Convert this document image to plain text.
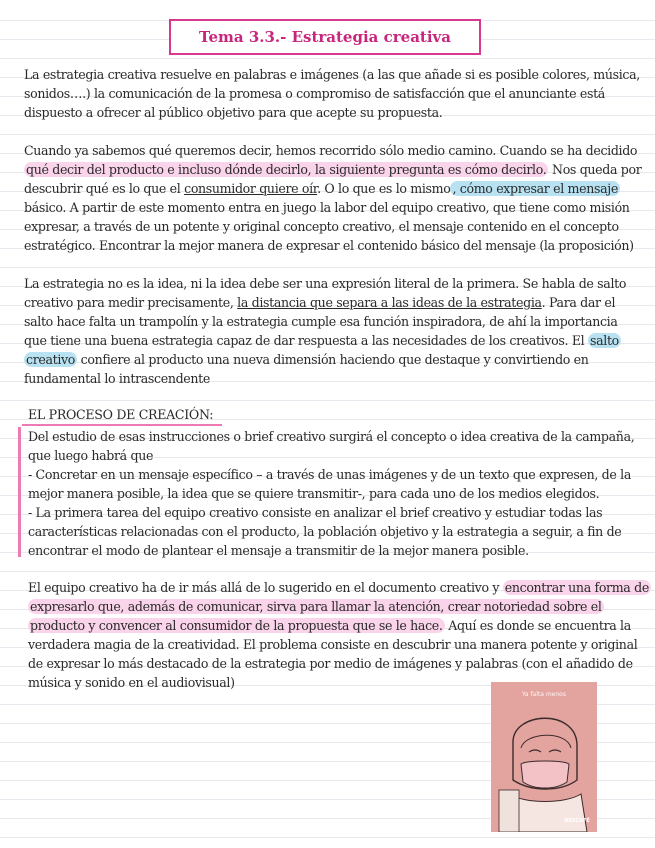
Tema 3.3.- Estrategia creativa
La estrategia creativa resuelve en palabras e imágenes (a las que añade si es posible colores, música,
sonidos….) la comunicación de la promesa o compromiso de satisfacción que el anunciante está
dispuesto a ofrecer al público objetivo para que acepte su propuesta.
Cuando ya sabemos qué queremos decir, hemos recorrido sólo medio camino. Cuando se ha decidido
qué decir del producto e incluso dónde decirlo, la siguiente pregunta es cómo decirlo. Nos queda por
descubrir qué es lo que el consumidor quiere oír. O lo que es lo mismo , cómo expresar el mensaje
básico. A partir de este momento entra en juego la labor del equipo creativo, que tiene como misión
expresar, a través de un potente y original concepto creativo, el mensaje contenido en el concepto
estratégico. Encontrar la mejor manera de expresar el contenido básico del mensaje (la proposición)
La estrategia no es la idea, ni la idea debe ser una expresión literal de la primera. Se habla de salto
creativo para medir precisamente, la distancia que separa a las ideas de la estrategia. Para dar el
salto hace falta un trampolín y la estrategia cumple esa función inspiradora, de ahí la importancia
que tiene una buena estrategia capaz de dar respuesta a las necesidades de los creativos. El salto
creativo confiere al producto una nueva dimensión haciendo que destaque y convirtiendo en
fundamental lo intrascendente
EL PROCESO DE CREACIÓN:
Del estudio de esas instrucciones o brief creativo surgirá el concepto o idea creativa de la campaña,
que luego habrá que
- Concretar en un mensaje específico – a través de unas imágenes y de un texto que expresen, de la
mejor manera posible, la idea que se quiere transmitir-, para cada uno de los medios elegidos.
- La primera tarea del equipo creativo consiste en analizar el brief creativo y estudiar todas las
características relacionadas con el producto, la población objetivo y la estrategia a seguir, a fin de
encontrar el modo de plantear el mensaje a transmitir de la mejor manera posible.
El equipo creativo ha de ir más allá de lo sugerido en el documento creativo y encontrar una forma de
expresarlo que, además de comunicar, sirva para llamar la atención, crear notoriedad sobre el
producto y convencer al consumidor de la propuesta que se le hace. Aquí es donde se encuentra la
verdadera magia de la creatividad. El problema consiste en descubrir una manera potente y original
de expresar lo más destacado de la estrategia por medio de imágenes y palabras (con el añadido de
música y sonido en el audiovisual)
Ya falta menos
NESCAFÉ
